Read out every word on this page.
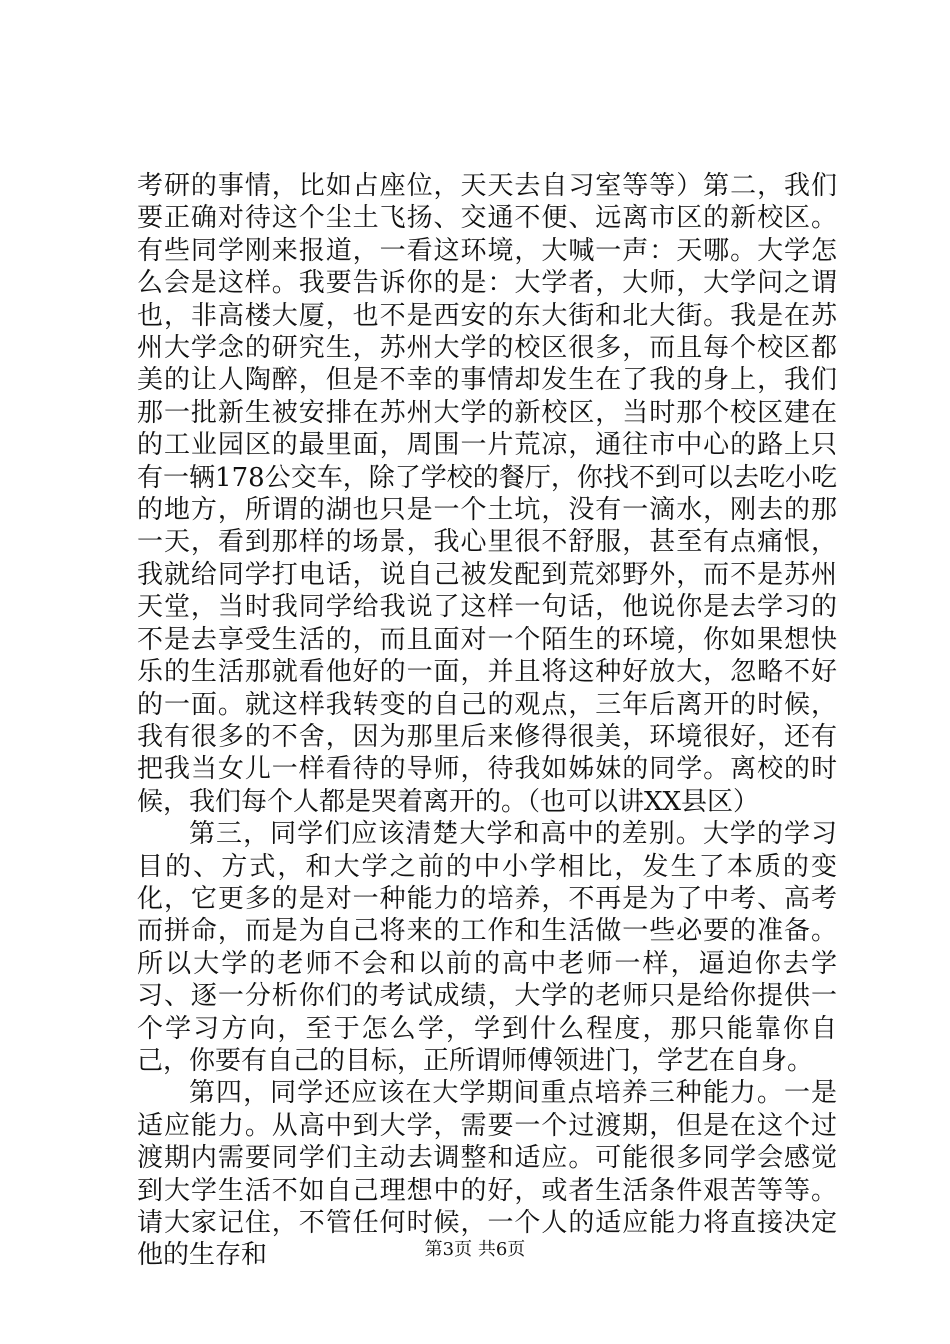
考研的事情，比如占座位，天天去自习室等等）第二，我们要正确对待这个尘土飞扬、交通不便、远离市区的新校区。有些同学刚来报道，一看这环境，大喊一声：天哪。大学怎么会是这样。我要告诉你的是：大学者，大师，大学问之谓也，非高楼大厦，也不是西安的东大街和北大街。我是在苏州大学念的研究生，苏州大学的校区很多，而且每个校区都美的让人陶醉，但是不幸的事情却发生在了我的身上，我们那一批新生被安排在苏州大学的新校区，当时那个校区建在的工业园区的最里面，周围一片荒凉，通往市中心的路上只有一辆178公交车，除了学校的餐厅，你找不到可以去吃小吃的地方，所谓的湖也只是一个土坑，没有一滴水，刚去的那一天，看到那样的场景，我心里很不舒服，甚至有点痛恨，我就给同学打电话，说自己被发配到荒郊野外，而不是苏州天堂，当时我同学给我说了这样一句话，他说你是去学习的不是去享受生活的，而且面对一个陌生的环境，你如果想快乐的生活那就看他好的一面，并且将这种好放大，忽略不好的一面。就这样我转变的自己的观点，三年后离开的时候，我有很多的不舍，因为那里后来修得很美，环境很好，还有把我当女儿一样看待的导师，待我如姊妹的同学。离校的时候，我们每个人都是哭着离开的。（也可以讲XX县区）

第三，同学们应该清楚大学和高中的差别。大学的学习目的、方式，和大学之前的中小学相比，发生了本质的变化，它更多的是对一种能力的培养，不再是为了中考、高考而拼命，而是为自己将来的工作和生活做一些必要的准备。所以大学的老师不会和以前的高中老师一样，逼迫你去学习、逐一分析你们的考试成绩，大学的老师只是给你提供一个学习方向，至于怎么学，学到什么程度，那只能靠你自己，你要有自己的目标，正所谓师傅领进门，学艺在自身。

第四，同学还应该在大学期间重点培养三种能力。一是适应能力。从高中到大学，需要一个过渡期，但是在这个过渡期内需要同学们主动去调整和适应。可能很多同学会感觉到大学生活不如自己理想中的好，或者生活条件艰苦等等。请大家记住，不管任何时候，一个人的适应能力将直接决定他的生存和	第3页 共6页
